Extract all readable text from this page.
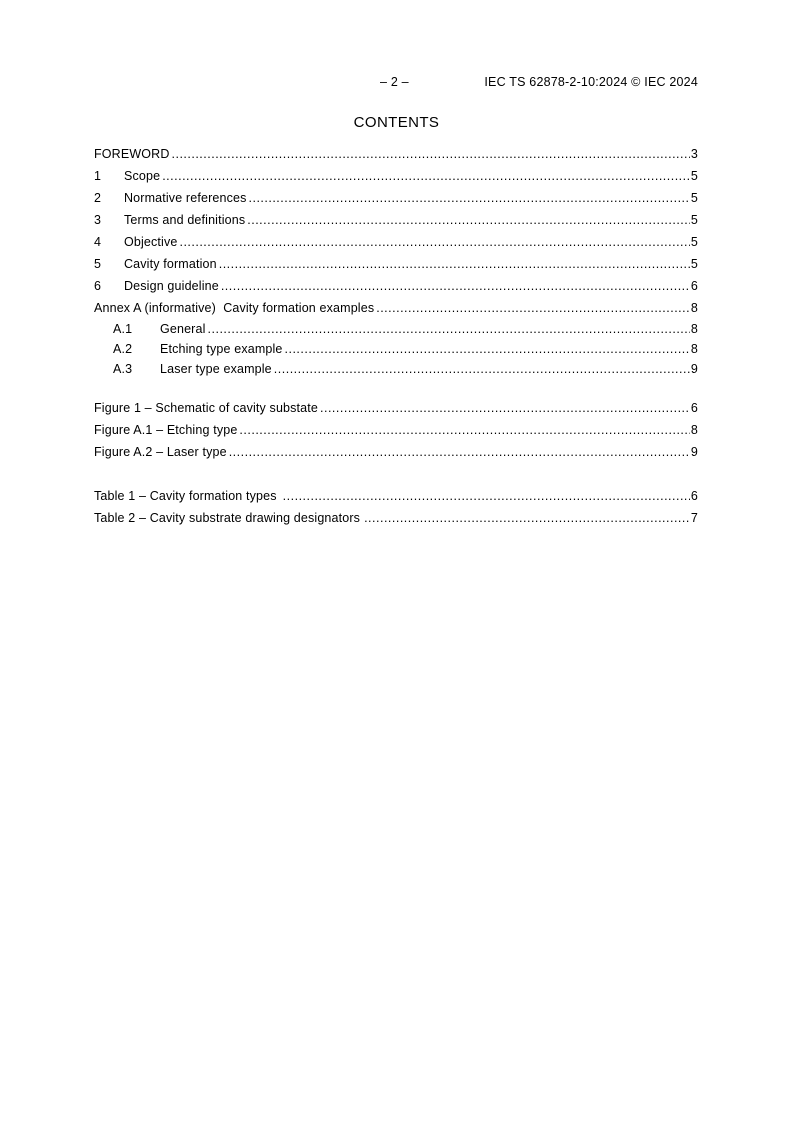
– 2 –	IEC TS 62878-2-10:2024 © IEC 2024
CONTENTS
FOREWORD .....	3
1	Scope .....	5
2	Normative references .....	5
3	Terms and definitions .....	5
4	Objective .....	5
5	Cavity formation .....	5
6	Design guideline .....	6
Annex A (informative)  Cavity formation examples .....	8
A.1	General .....	8
A.2	Etching type example .....	8
A.3	Laser type example .....	9
Figure 1 – Schematic of cavity substate .....	6
Figure A.1 – Etching type .....	8
Figure A.2 – Laser type .....	9
Table 1 – Cavity formation types .....	6
Table 2 – Cavity substrate drawing designators .....	7
